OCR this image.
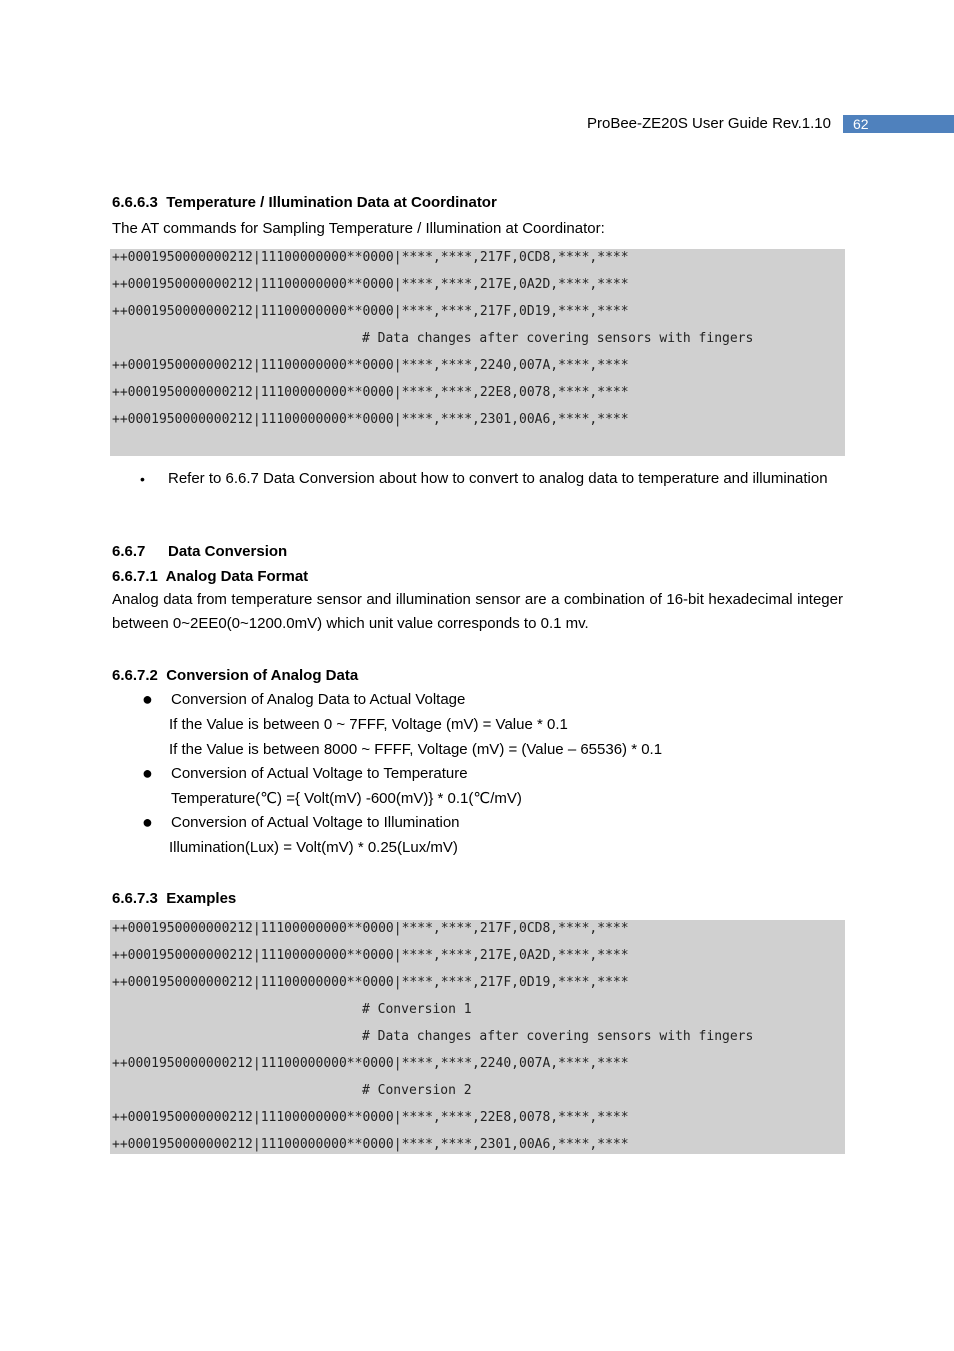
ProBee-ZE20S User Guide Rev.1.10	62

6.6.6.3 Temperature / Illumination Data at Coordinator

The AT commands for Sampling Temperature / Illumination at Coordinator:

++0001950000000212|11100000000**0000|****,****,217F,0CD8,****,****
++0001950000000212|11100000000**0000|****,****,217E,0A2D,****,****
++0001950000000212|11100000000**0000|****,****,217F,0D19,****,****
# Data changes after covering sensors with fingers
++0001950000000212|11100000000**0000|****,****,2240,007A,****,****
++0001950000000212|11100000000**0000|****,****,22E8,0078,****,****
++0001950000000212|11100000000**0000|****,****,2301,00A6,****,****
• Refer to 6.6.7 Data Conversion about how to convert to analog data to temperature and illumination

6.6.7 Data Conversion

6.6.7.1 Analog Data Format

Analog data from temperature sensor and illumination sensor are a combination of 16-bit hexadecimal integer between 0~2EE0(0~1200.0mV) which unit value corresponds to 0.1 mv.

6.6.7.2 Conversion of Analog Data

● Conversion of Analog Data to Actual Voltage
If the Value is between 0 ~ 7FFF, Voltage (mV) = Value * 0.1
If the Value is between 8000 ~ FFFF, Voltage (mV) = (Value – 65536) * 0.1
● Conversion of Actual Voltage to Temperature
Temperature(℃) ={ Volt(mV) -600(mV)} * 0.1(℃/mV)
● Conversion of Actual Voltage to Illumination
Illumination(Lux) = Volt(mV) * 0.25(Lux/mV)

6.6.7.3 Examples

++0001950000000212|11100000000**0000|****,****,217F,0CD8,****,****
++0001950000000212|11100000000**0000|****,****,217E,0A2D,****,****
++0001950000000212|11100000000**0000|****,****,217F,0D19,****,****
# Conversion 1
# Data changes after covering sensors with fingers
++0001950000000212|11100000000**0000|****,****,2240,007A,****,****
# Conversion 2
++0001950000000212|11100000000**0000|****,****,22E8,0078,****,****
++0001950000000212|11100000000**0000|****,****,2301,00A6,****,****
